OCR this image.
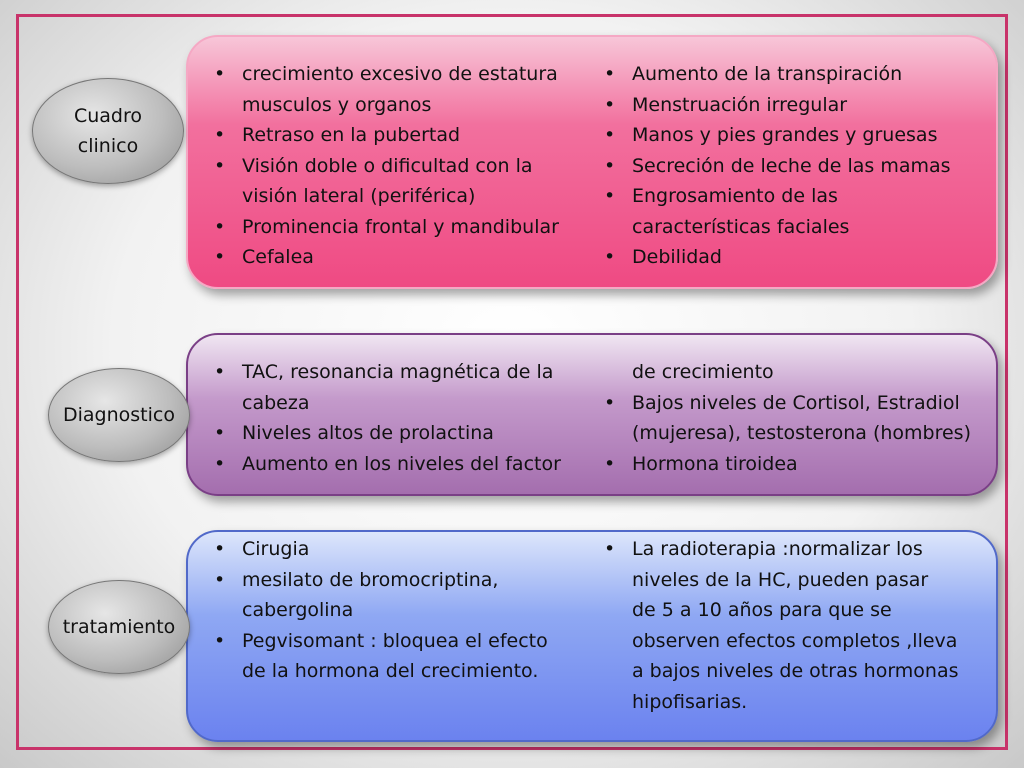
• crecimiento excesivo de estatura
musculos y organos
• Retraso en la pubertad
• Visión doble o dificultad con la
visión lateral (periférica)
• Prominencia frontal y mandibular
• Cefalea
• Aumento de la transpiración
• Menstruación irregular
• Manos y pies grandes y gruesas
• Secreción de leche de las mamas
• Engrosamiento de las
características faciales
• Debilidad
Cuadro clinico
• TAC, resonancia magnética de la
cabeza
• Niveles altos de prolactina
• Aumento en los niveles del factor
de crecimiento
• Bajos niveles de Cortisol, Estradiol
(mujeresa), testosterona (hombres)
• Hormona tiroidea
Diagnostico
• Cirugia
• mesilato de bromocriptina,
cabergolina
• Pegvisomant : bloquea el efecto
de la hormona del crecimiento.
• La radioterapia :normalizar los
niveles de la HC, pueden pasar
de 5 a 10 años para que se
observen efectos completos ,lleva
a bajos niveles de otras hormonas
hipofisarias.
tratamiento
